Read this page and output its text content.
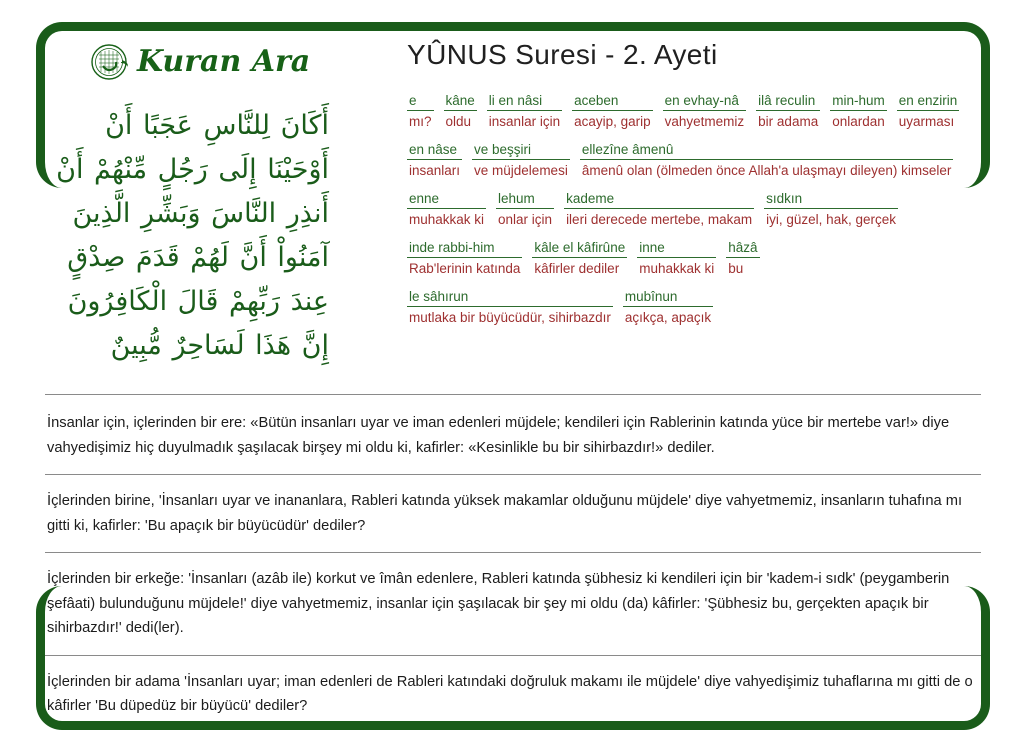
Kuran Ara
أَكَانَ لِلنَّاسِ عَجَبًا أَنْ
أَوْحَيْنَا إِلَى رَجُلٍ مِّنْهُمْ أَنْ
أَنذِرِ النَّاسَ وَبَشِّرِ الَّذِينَ
آمَنُواْ أَنَّ لَهُمْ قَدَمَ صِدْقٍ
عِندَ رَبِّهِمْ قَالَ الْكَافِرُونَ
إِنَّ هَذَا لَسَاحِرٌ مُّبِينٌ
YÛNUS Suresi - 2. Ayeti
e
mı?
kâne
oldu
li en nâsi
insanlar için
aceben
acayip, garip
en evhay-nâ
vahyetmemiz
ilâ reculin
bir adama
min-hum
onlardan
en enzirin
uyarması
en nâse
insanları
ve beşşiri
ve müjdelemesi
ellezîne âmenû
âmenû olan (ölmeden önce Allah'a ulaşmayı dileyen) kimseler
enne
muhakkak ki
lehum
onlar için
kademe
ileri derecede mertebe, makam
sıdkın
iyi, güzel, hak, gerçek
inde rabbi-him
Rab'lerinin katında
kâle el kâfirûne
kâfirler dediler
inne
muhakkak ki
hâzâ
bu
le sâhırun
mutlaka bir büyücüdür, sihirbazdır
mubînun
açıkça, apaçık

İnsanlar için, içlerinden bir ere: «Bütün insanları uyar ve iman edenleri müjdele; kendileri için Rablerinin katında yüce bir mertebe var!» diye vahyedişimiz hiç duyulmadık şaşılacak birşey mi oldu ki, kafirler: «Kesinlikle bu bir sihirbazdır!» dediler.

İçlerinden birine, 'İnsanları uyar ve inananlara, Rableri katında yüksek makamlar olduğunu müjdele' diye vahyetmemiz, insanların tuhafına mı gitti ki, kafirler: 'Bu apaçık bir büyücüdür' dediler?

İçlerinden bir erkeğe: 'İnsanları (azâb ile) korkut ve îmân edenlere, Rableri katında şübhesiz ki kendileri için bir 'kadem-i sıdk' (peygamberin şefâati) bulunduğunu müjdele!' diye vahyetmemiz, insanlar için şaşılacak bir şey mi oldu (da) kâfirler: 'Şübhesiz bu, gerçekten apaçık bir sihirbazdır!' dedi(ler).

İçlerinden bir adama 'İnsanları uyar; iman edenleri de Rableri katındaki doğruluk makamı ile müjdele' diye vahyedişimiz tuhaflarına mı gitti de o kâfirler 'Bu düpedüz bir büyücü' dediler?
